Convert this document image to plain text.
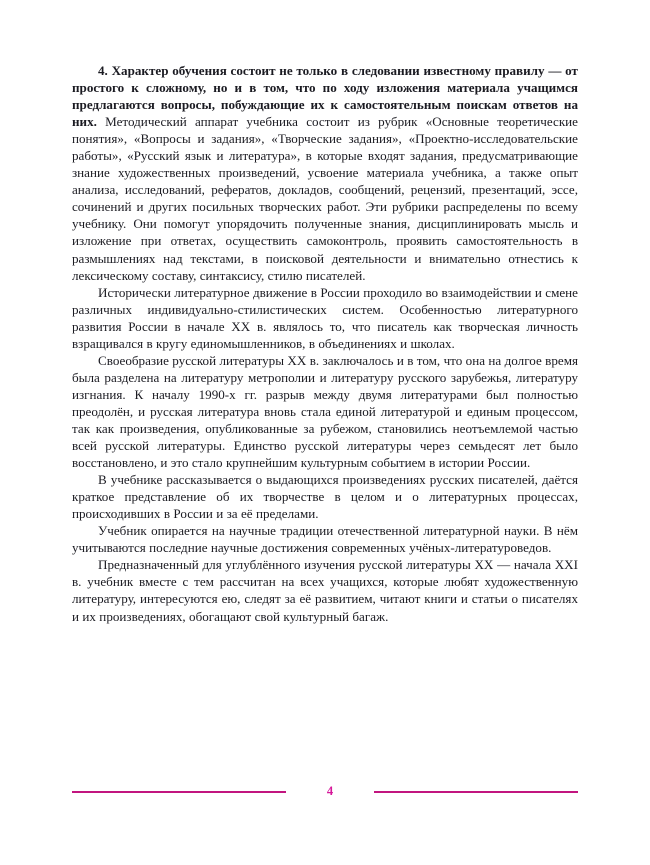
4. Характер обучения состоит не только в следовании известному правилу — от простого к сложному, но и в том, что по ходу изложения материала учащимся предлагаются вопросы, побуждающие их к самостоятельным поискам ответов на них. Методический аппарат учебника состоит из рубрик «Основные теоретические понятия», «Вопросы и задания», «Творческие задания», «Проектно-исследовательские работы», «Русский язык и литература», в которые входят задания, предусматривающие знание художественных произведений, усвоение материала учебника, а также опыт анализа, исследований, рефератов, докладов, сообщений, рецензий, презентаций, эссе, сочинений и других посильных творческих работ. Эти рубрики распределены по всему учебнику. Они помогут упорядочить полученные знания, дисциплинировать мысль и изложение при ответах, осуществить самоконтроль, проявить самостоятельность в размышлениях над текстами, в поисковой деятельности и внимательно отнестись к лексическому составу, синтаксису, стилю писателей.

Исторически литературное движение в России проходило во взаимодействии и смене различных индивидуально-стилистических систем. Особенностью литературного развития России в начале XX в. являлось то, что писатель как творческая личность взращивался в кругу единомышленников, в объединениях и школах.

Своеобразие русской литературы XX в. заключалось и в том, что она на долгое время была разделена на литературу метрополии и литературу русского зарубежья, литературу изгнания. К началу 1990-х гг. разрыв между двумя литературами был полностью преодолён, и русская литература вновь стала единой литературой и единым процессом, так как произведения, опубликованные за рубежом, становились неотъемлемой частью всей русской литературы. Единство русской литературы через семьдесят лет было восстановлено, и это стало крупнейшим культурным событием в истории России.

В учебнике рассказывается о выдающихся произведениях русских писателей, даётся краткое представление об их творчестве в целом и о литературных процессах, происходивших в России и за её пределами.

Учебник опирается на научные традиции отечественной литературной науки. В нём учитываются последние научные достижения современных учёных-литературоведов.

Предназначенный для углублённого изучения русской литературы XX — начала XXI в. учебник вместе с тем рассчитан на всех учащихся, которые любят художественную литературу, интересуются ею, следят за её развитием, читают книги и статьи о писателях и их произведениях, обогащают свой культурный багаж.

4
